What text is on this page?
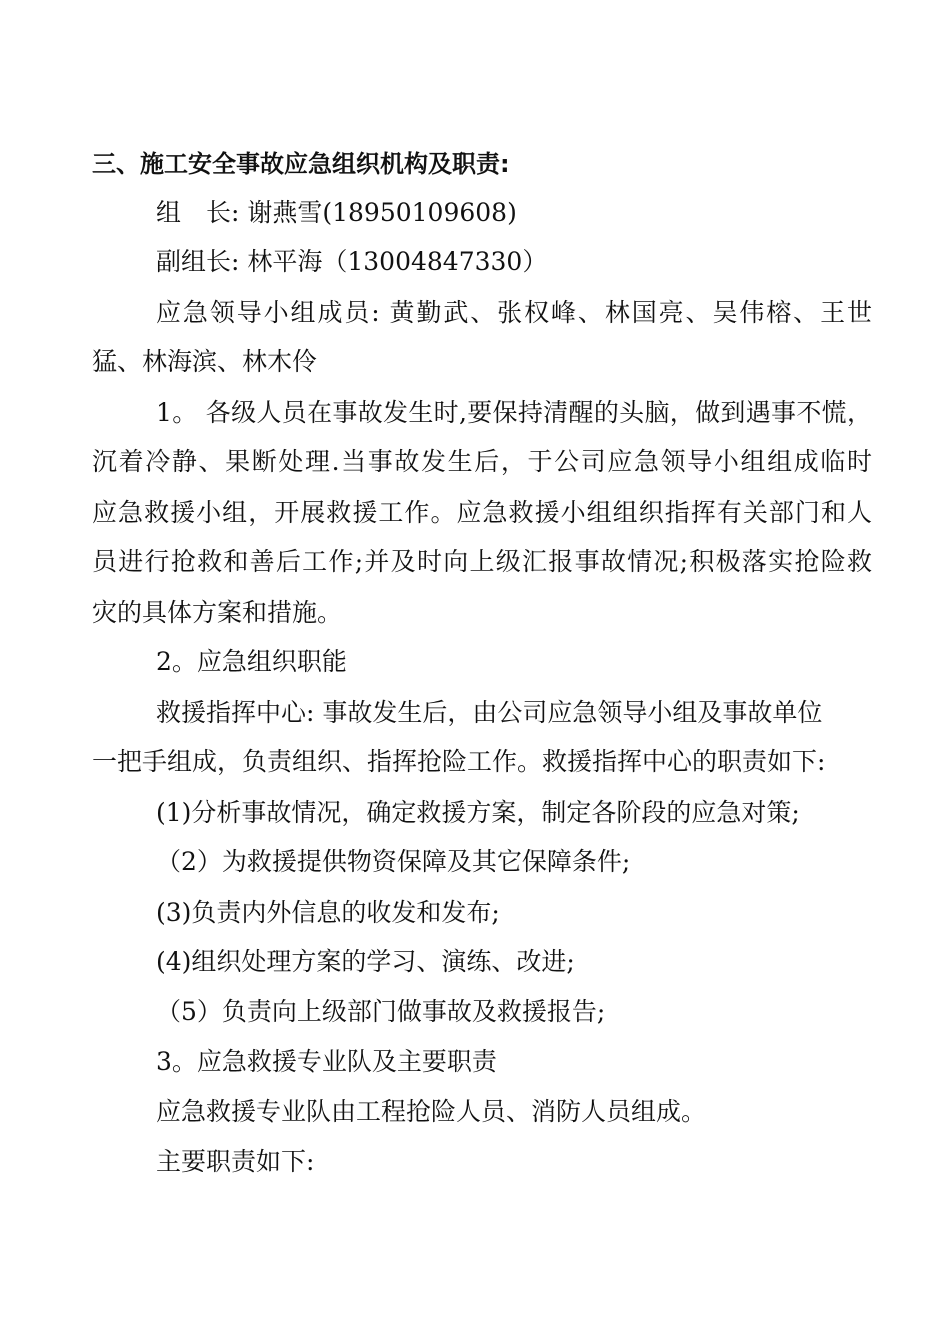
三、施工安全事故应急组织机构及职责:
组　长: 谢燕雪(18950109608)
副组长: 林平海（13004847330）
应急领导小组成员: 黄勤武、张权峰、林国亮、吴伟榕、王世
猛、林海滨、林木伶
1。 各级人员在事故发生时,要保持清醒的头脑，做到遇事不慌，
沉着冷静、果断处理.当事故发生后，于公司应急领导小组组成临时
应急救援小组，开展救援工作。应急救援小组组织指挥有关部门和人
员进行抢救和善后工作;并及时向上级汇报事故情况;积极落实抢险救
灾的具体方案和措施。
2。应急组织职能
救援指挥中心: 事故发生后，由公司应急领导小组及事故单位
一把手组成，负责组织、指挥抢险工作。救援指挥中心的职责如下:
(1)分析事故情况，确定救援方案，制定各阶段的应急对策;
（2）为救援提供物资保障及其它保障条件;
(3)负责内外信息的收发和发布;
(4)组织处理方案的学习、演练、改进;
（5）负责向上级部门做事故及救援报告;
3。应急救援专业队及主要职责
应急救援专业队由工程抢险人员、消防人员组成。
主要职责如下:
